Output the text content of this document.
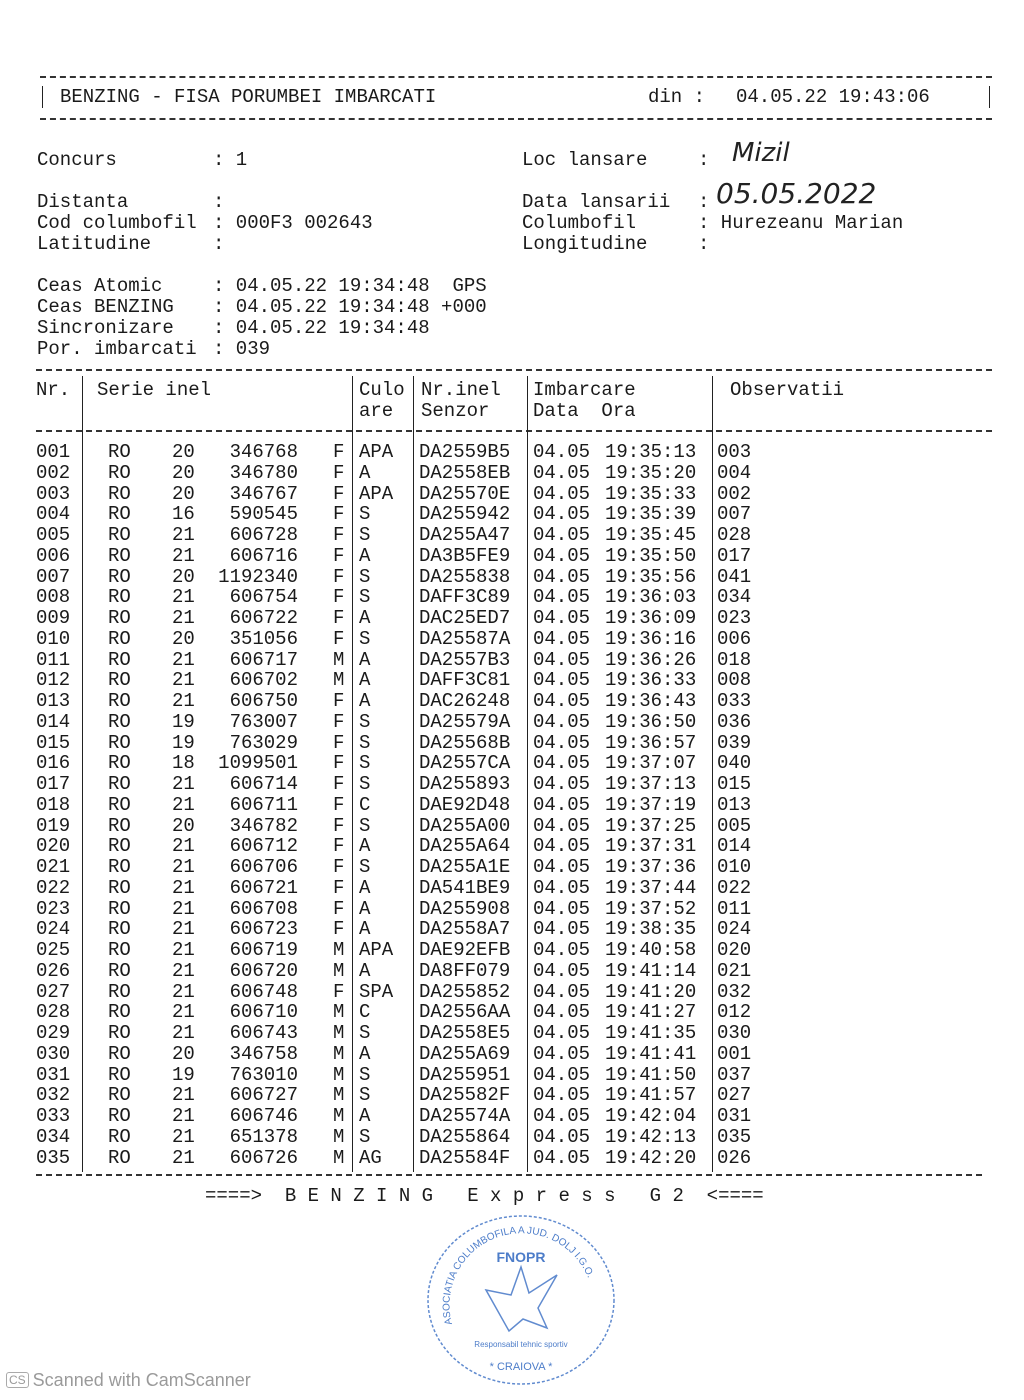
BENZING - FISA PORUMBEI IMBARCATI	din : 04.05.22 19:43:06
Concurs	: 1	Loc lansare	: Mizil
Distanta	:	Data lansarii : 05.05.2022
Cod columbofil : 000F3 002643	Columbofil	: Hurezeanu Marian
Latitudine	:	Longitudine	:
Ceas Atomic	: 04.05.22 19:34:48  GPS
Ceas BENZING : 04.05.22 19:34:48 +000
Sincronizare : 04.05.22 19:34:48
Por. imbarcati : 039
Nr. Serie inel	Culo
are
Nr.inel
Senzor
Imbarcare
Data  Ora
Observatii
001 RO 20	346768 F APA DA2559B5 04.05 19:35:13 003
002 RO 20	346780 F A	DA2558EB 04.05 19:35:20 004
003 RO 20	346767 F APA DA25570E 04.05 19:35:33 002
004 RO 16	590545 F S	DA255942 04.05 19:35:39 007
005 RO 21	606728 F S	DA255A47 04.05 19:35:45 028
006 RO 21	606716 F A	DA3B5FE9 04.05 19:35:50 017
007 RO 20	1192340 F S	DA255838 04.05 19:35:56 041
008 RO 21	606754 F S	DAFF3C89 04.05 19:36:03 034
009 RO 21	606722 F A	DAC25ED7 04.05 19:36:09 023
010 RO 20	351056 F S	DA25587A 04.05 19:36:16 006
011 RO 21	606717 M A	DA2557B3 04.05 19:36:26 018
012 RO 21	606702 M A	DAFF3C81 04.05 19:36:33 008
013 RO 21	606750 F A	DAC26248 04.05 19:36:43 033
014 RO 19	763007 F S	DA25579A 04.05 19:36:50 036
015 RO 19	763029 F S	DA25568B 04.05 19:36:57 039
016 RO 18	1099501 F S	DA2557CA 04.05 19:37:07 040
017 RO 21	606714 F S	DA255893 04.05 19:37:13 015
018 RO 21	606711 F C	DAE92D48 04.05 19:37:19 013
019 RO 20	346782 F S	DA255A00 04.05 19:37:25 005
020 RO 21	606712 F A	DA255A64 04.05 19:37:31 014
021 RO 21	606706 F S	DA255A1E 04.05 19:37:36 010
022 RO 21	606721 F A	DA541BE9 04.05 19:37:44 022
023 RO 21	606708 F A	DA255908 04.05 19:37:52 011
024 RO 21	606723 F A	DA2558A7 04.05 19:38:35 024
025 RO 21	606719 M APA DAE92EFB 04.05 19:40:58 020
026 RO 21	606720 M A	DA8FF079 04.05 19:41:14 021
027 RO 21	606748 F SPA DA255852 04.05 19:41:20 032
028 RO 21	606710 M C	DA2556AA 04.05 19:41:27 012
029 RO 21	606743 M S	DA2558E5 04.05 19:41:35 030
030 RO 20	346758 M A	DA255A69 04.05 19:41:41 001
031 RO 19	763010 M S	DA255951 04.05 19:41:50 037
032 RO 21	606727 M S	DA25582F 04.05 19:41:57 027
033 RO 21	606746 M A	DA25574A 04.05 19:42:04 031
034 RO 21	651378 M S	DA255864 04.05 19:42:13 035
035 RO 21	606726 M AG DA25584F 04.05 19:42:20 026
====>  B E N Z I N G   E x p r e s s   G 2  <====
ASOCIATIA COLUMBOFILA A JUD. DOLJ I.G.O.
FNOPR
Responsabil tehnic sportiv
* CRAIOVA *
CS Scanned with CamScanner
